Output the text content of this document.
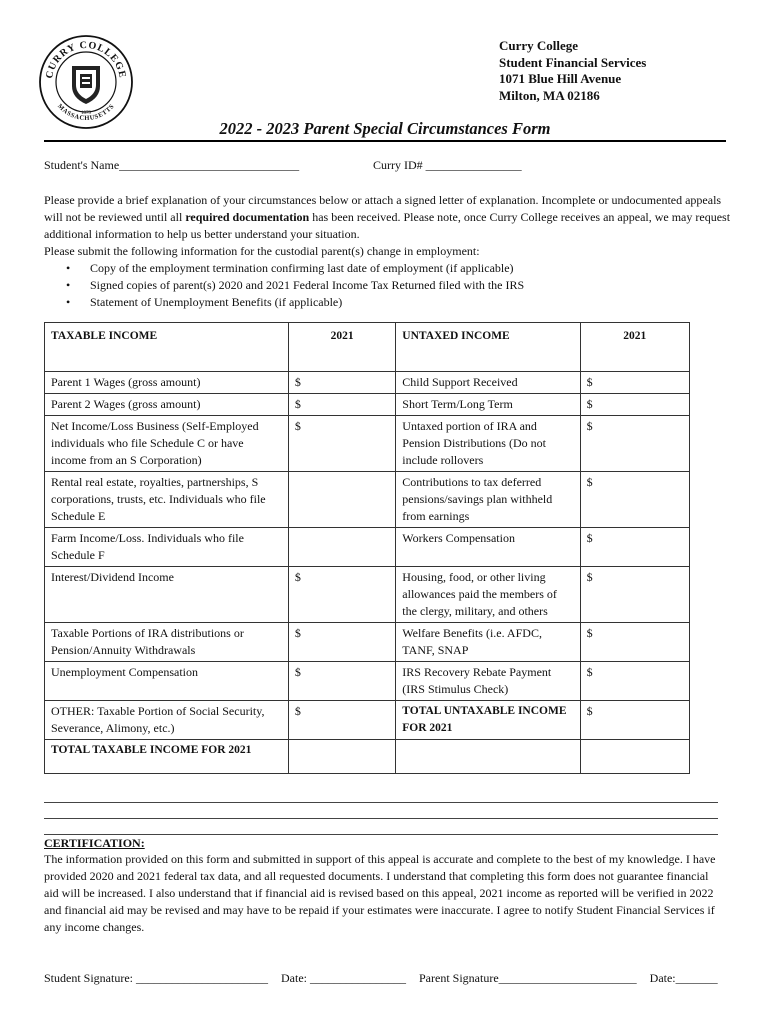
CURRY COLLEGE
MASSACHUSETTS
1879
Curry College
Student Financial Services
1071 Blue Hill Avenue
Milton, MA 02186
2022 - 2023 Parent Special Circumstances Form
Student's Name______________________________	Curry ID# ________________

Please provide a brief explanation of your circumstances below or attach a signed letter of explanation. Incomplete or undocumented appeals will not be reviewed until all required documentation has been received. Please note, once Curry College receives an appeal, we may request additional information to help us better understand your situation.

Please submit the following information for the custodial parent(s) change in employment:

• Copy of the employment termination confirming last date of employment (if applicable)
• Signed copies of parent(s) 2020 and 2021 Federal Income Tax Returned filed with the IRS
• Statement of Unemployment Benefits (if applicable)
TAXABLE INCOME	2021	UNTAXED INCOME	2021
Parent 1 Wages (gross amount)	$	Child Support Received	$
Parent 2 Wages (gross amount)	$	Short Term/Long Term	$
Net Income/Loss Business (Self-Employed individuals who file Schedule C or have income from an S Corporation)	$	Untaxed portion of IRA and Pension Distributions (Do not include rollovers	$
Rental real estate, royalties, partnerships, S corporations, trusts, etc. Individuals who file Schedule E		Contributions to tax deferred pensions/savings plan withheld from earnings	$
Farm Income/Loss. Individuals who file Schedule F		Workers Compensation	$
Interest/Dividend Income	$	Housing, food, or other living allowances paid the members of the clergy, military, and others	$
Taxable Portions of IRA distributions or Pension/Annuity Withdrawals	$	Welfare Benefits (i.e. AFDC, TANF, SNAP	$
Unemployment Compensation	$	IRS Recovery Rebate Payment (IRS Stimulus Check)	$
OTHER: Taxable Portion of Social Security, Severance, Alimony, etc.)	$	TOTAL UNTAXABLE INCOME FOR 2021	$
TOTAL TAXABLE INCOME FOR 2021			
CERTIFICATION:
The information provided on this form and submitted in support of this appeal is accurate and complete to the best of my knowledge. I have provided 2020 and 2021 federal tax data, and all requested documents. I understand that completing this form does not guarantee financial aid will be increased. I also understand that if financial aid is revised based on this appeal, 2021 income as reported will be verified in 2022 and financial aid may be revised and may have to be repaid if your estimates were inaccurate. I agree to notify Student Financial Services if any income changes.
Student Signature: ______________________ Date: ________________ Parent Signature_______________________ Date:_______
